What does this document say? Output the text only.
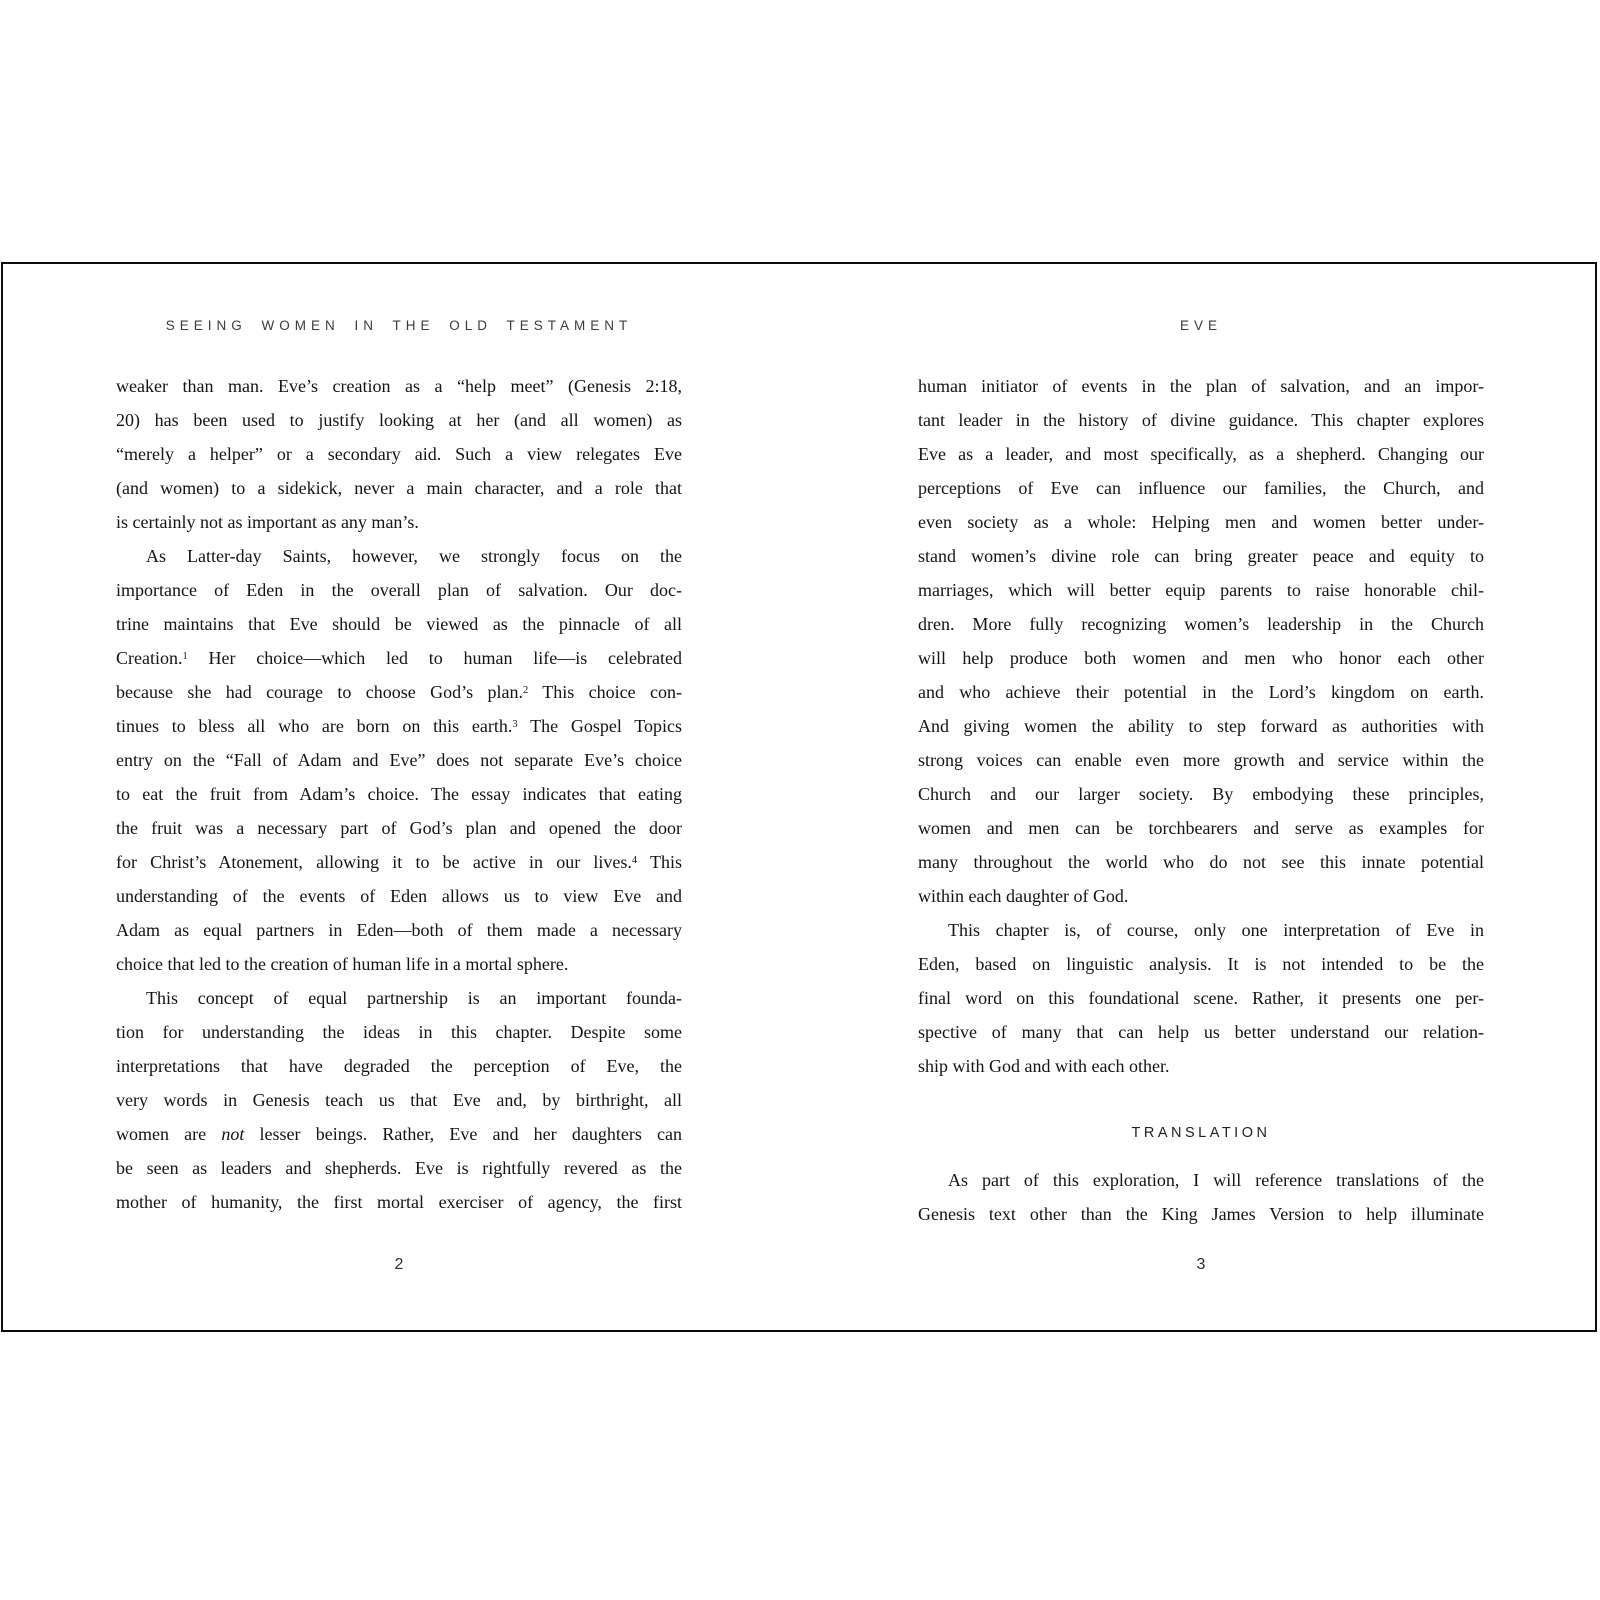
SEEING WOMEN IN THE OLD TESTAMENT
weaker than man. Eve’s creation as a “help meet” (Genesis 2:18,
20) has been used to justify looking at her (and all women) as
“merely a helper” or a secondary aid. Such a view relegates Eve
(and women) to a sidekick, never a main character, and a role that
is certainly not as important as any man’s.
As Latter-day Saints, however, we strongly focus on the
importance of Eden in the overall plan of salvation. Our doc-
trine maintains that Eve should be viewed as the pinnacle of all
Creation.$^1$ Her choice—which led to human life—is celebrated
because she had courage to choose God’s plan.$^2$ This choice con-
tinues to bless all who are born on this earth.$^3$ The Gospel Topics
entry on the “Fall of Adam and Eve” does not separate Eve’s choice
to eat the fruit from Adam’s choice. The essay indicates that eating
the fruit was a necessary part of God’s plan and opened the door
for Christ’s Atonement, allowing it to be active in our lives.$^4$ This
understanding of the events of Eden allows us to view Eve and
Adam as equal partners in Eden—both of them made a necessary
choice that led to the creation of human life in a mortal sphere.
This concept of equal partnership is an important founda-
tion for understanding the ideas in this chapter. Despite some
interpretations that have degraded the perception of Eve, the
very words in Genesis teach us that Eve and, by birthright, all
women are not lesser beings. Rather, Eve and her daughters can
be seen as leaders and shepherds. Eve is rightfully revered as the
mother of humanity, the first mortal exerciser of agency, the first
2
EVE
human initiator of events in the plan of salvation, and an impor-
tant leader in the history of divine guidance. This chapter explores
Eve as a leader, and most specifically, as a shepherd. Changing our
perceptions of Eve can influence our families, the Church, and
even society as a whole: Helping men and women better under-
stand women’s divine role can bring greater peace and equity to
marriages, which will better equip parents to raise honorable chil-
dren. More fully recognizing women’s leadership in the Church
will help produce both women and men who honor each other
and who achieve their potential in the Lord’s kingdom on earth.
And giving women the ability to step forward as authorities with
strong voices can enable even more growth and service within the
Church and our larger society. By embodying these principles,
women and men can be torchbearers and serve as examples for
many throughout the world who do not see this innate potential
within each daughter of God.
This chapter is, of course, only one interpretation of Eve in
Eden, based on linguistic analysis. It is not intended to be the
final word on this foundational scene. Rather, it presents one per-
spective of many that can help us better understand our relation-
ship with God and with each other.
TRANSLATION
As part of this exploration, I will reference translations of the
Genesis text other than the King James Version to help illuminate
3
